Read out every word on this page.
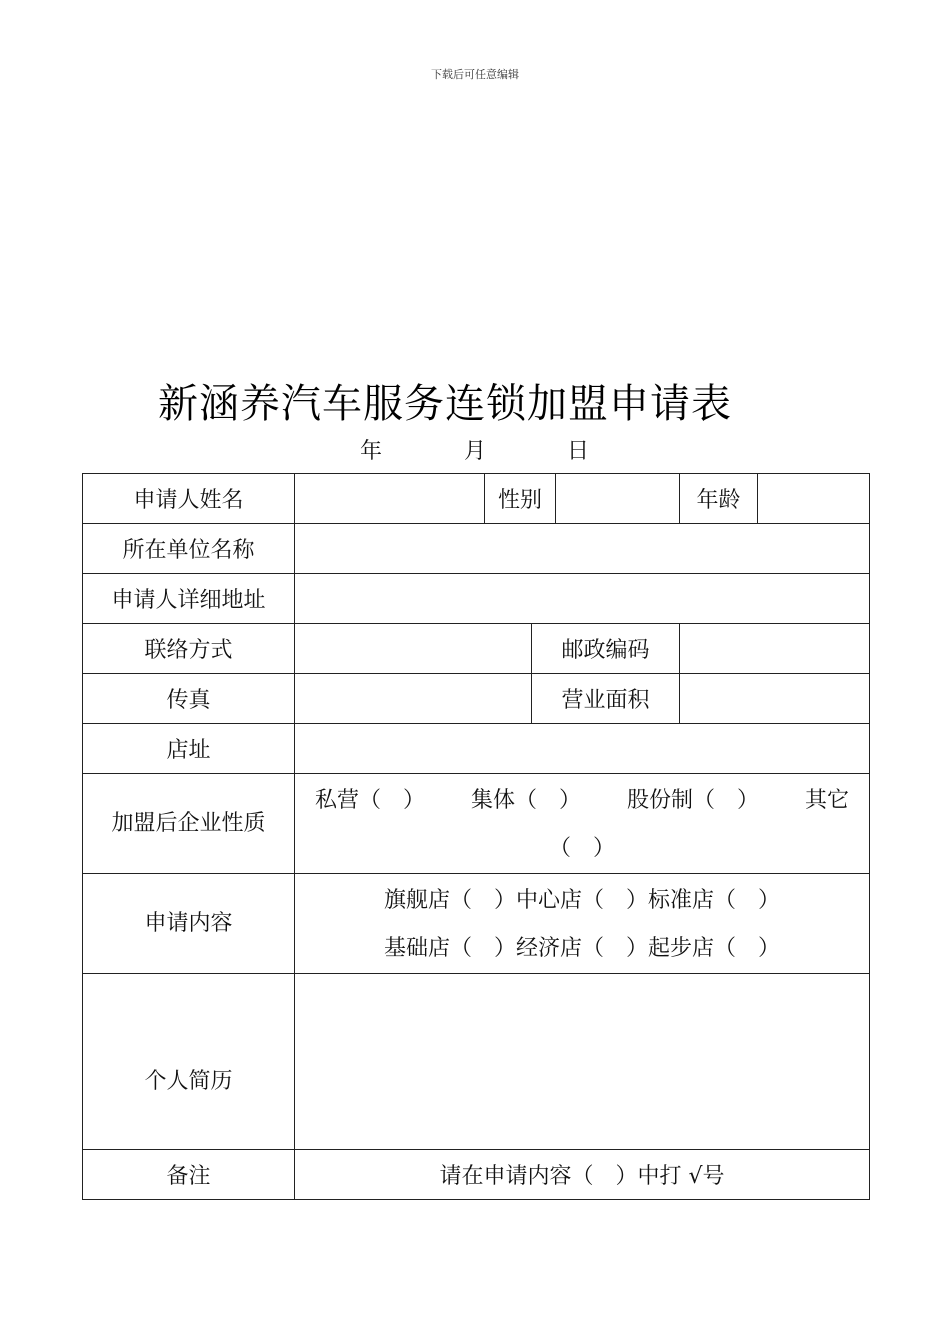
下载后可任意编辑
新涵养汽车服务连锁加盟申请表
年	月	日
申请人姓名		性别			年龄	
所在单位名称						
申请人详细地址						
联络方式			邮政编码			
传真			营业面积			
店址						

加盟后企业性质	私营（　） 集体（　） 股份制（　） 其它
（　）					

申请内容	旗舰店（　）中心店（　）标准店（　）
基础店（　）经济店（　）起步店（　）					

个人简历						

备注	请在申请内容（　）中打 √号					
